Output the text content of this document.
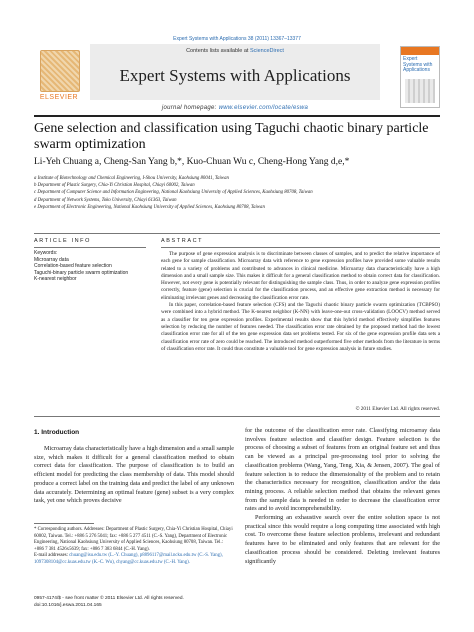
Expert Systems with Applications 38 (2011) 13367–13377
ELSEVIER
Contents lists available at ScienceDirect
Expert Systems with Applications
journal homepage: www.elsevier.com/locate/eswa
Expert Systems with Applications
Gene selection and classification using Taguchi chaotic binary particle swarm optimization
Li-Yeh Chuang a, Cheng-San Yang b,*, Kuo-Chuan Wu c, Cheng-Hong Yang d,e,*
a Institute of Biotechnology and Chemical Engineering, I-Shou University, Kaohsiung 80041, Taiwan
b Department of Plastic Surgery, Chia-Yi Christian Hospital, Chiayi 60002, Taiwan
c Department of Computer Science and Information Engineering, National Kaohsiung University of Applied Sciences, Kaohsiung 80708, Taiwan
d Department of Network Systems, Toko University, Chiayi 61363, Taiwan
e Department of Electronic Engineering, National Kaohsiung University of Applied Sciences, Kaohsiung 80708, Taiwan
ARTICLE INFO	ABSTRACT
Keywords:
Microarray data
Correlation-based feature selection
Taguchi-binary particle swarm optimization
K-nearest neighbor

The purpose of gene expression analysis is to discriminate between classes of samples, and to predict the relative importance of each gene for sample classification. Microarray data with reference to gene expression profiles have provided some valuable results related to a variety of problems and contributed to advances in clinical medicine. Microarray data characteristically have a high dimension and a small sample size. This makes it difficult for a general classification method to obtain correct data for classification. However, not every gene is potentially relevant for distinguishing the sample class. Thus, in order to analyze gene expression profiles correctly, feature (gene) selection is crucial for the classification process, and an effective gene extraction method is necessary for eliminating irrelevant genes and decreasing the classification error rate.

In this paper, correlation-based feature selection (CFS) and the Taguchi chaotic binary particle swarm optimization (TCBPSO) were combined into a hybrid method. The K-nearest neighbor (K-NN) with leave-one-out cross-validation (LOOCV) method served as a classifier for ten gene expression profiles. Experimental results show that this hybrid method effectively simplifies features selection by reducing the number of features needed. The classification error rate obtained by the proposed method had the lowest classification error rate for all of the ten gene expression data set problems tested. For six of the gene expression profile data sets a classification error rate of zero could be reached. The introduced method outperformed five other methods from the literature in terms of classification error rate. It could thus constitute a valuable tool for gene expression analysis in future studies.

© 2011 Elsevier Ltd. All rights reserved.
1. Introduction
Microarray data characteristically have a high dimension and a small sample size, which makes it difficult for a general classification method to obtain correct data for classification. The purpose of classification is to build an efficient model for predicting the class membership of data. This model should produce a correct label on the training data and predict the label of any unknown data accurately. Determining an optimal feature (gene) subset is a very complex task, yet one which proves decisive

for the outcome of the classification error rate. Classifying microarray data involves feature selection and classifier design. Feature selection is the process of choosing a subset of features from an original feature set and thus can be viewed as a principal pre-processing tool prior to solving the classification problems (Wang, Yang, Teng, Xia, & Jensen, 2007). The goal of feature selection is to reduce the dimensionality of the problem and to retain the characteristics necessary for recognition, classification and/or the data mining process. A reliable selection method that obtains the relevant genes from the sample data is needed in order to decrease the classification error rates and to avoid incomprehensibility.

Performing an exhaustive search over the entire solution space is not practical since this would require a long computing time associated with high cost. To overcome these feature selection problems, irrelevant and redundant features have to be eliminated and only features that are relevant for the classification process should be considered. Deleting irrelevant features significantly

* Corresponding authors. Addresses: Department of Plastic Surgery, Chia-Yi Christian Hospital, Chiayi 60002, Taiwan. Tel.: +886 5 276 5041; fax: +886 5 277 4511 (C.-S. Yang), Department of Electronic Engineering, National Kaohsiung University of Applied Sciences, Kaohsiung 80708, Taiwan. Tel.: +886 7 381 4526x5639; fax: +886 7 383 6844 (C.-H. Yang).
E-mail addresses: chuang@isu.edu.tw (L.-Y. Chuang), p8896117@mail.ncku.edu.tw (C.-S. Yang), 1097308104@cc.kuas.edu.tw (K.-C. Wu), chyang@cc.kuas.edu.tw (C.-H. Yang).
0957-4174/$ - see front matter © 2011 Elsevier Ltd. All rights reserved.
doi:10.1016/j.eswa.2011.04.165
